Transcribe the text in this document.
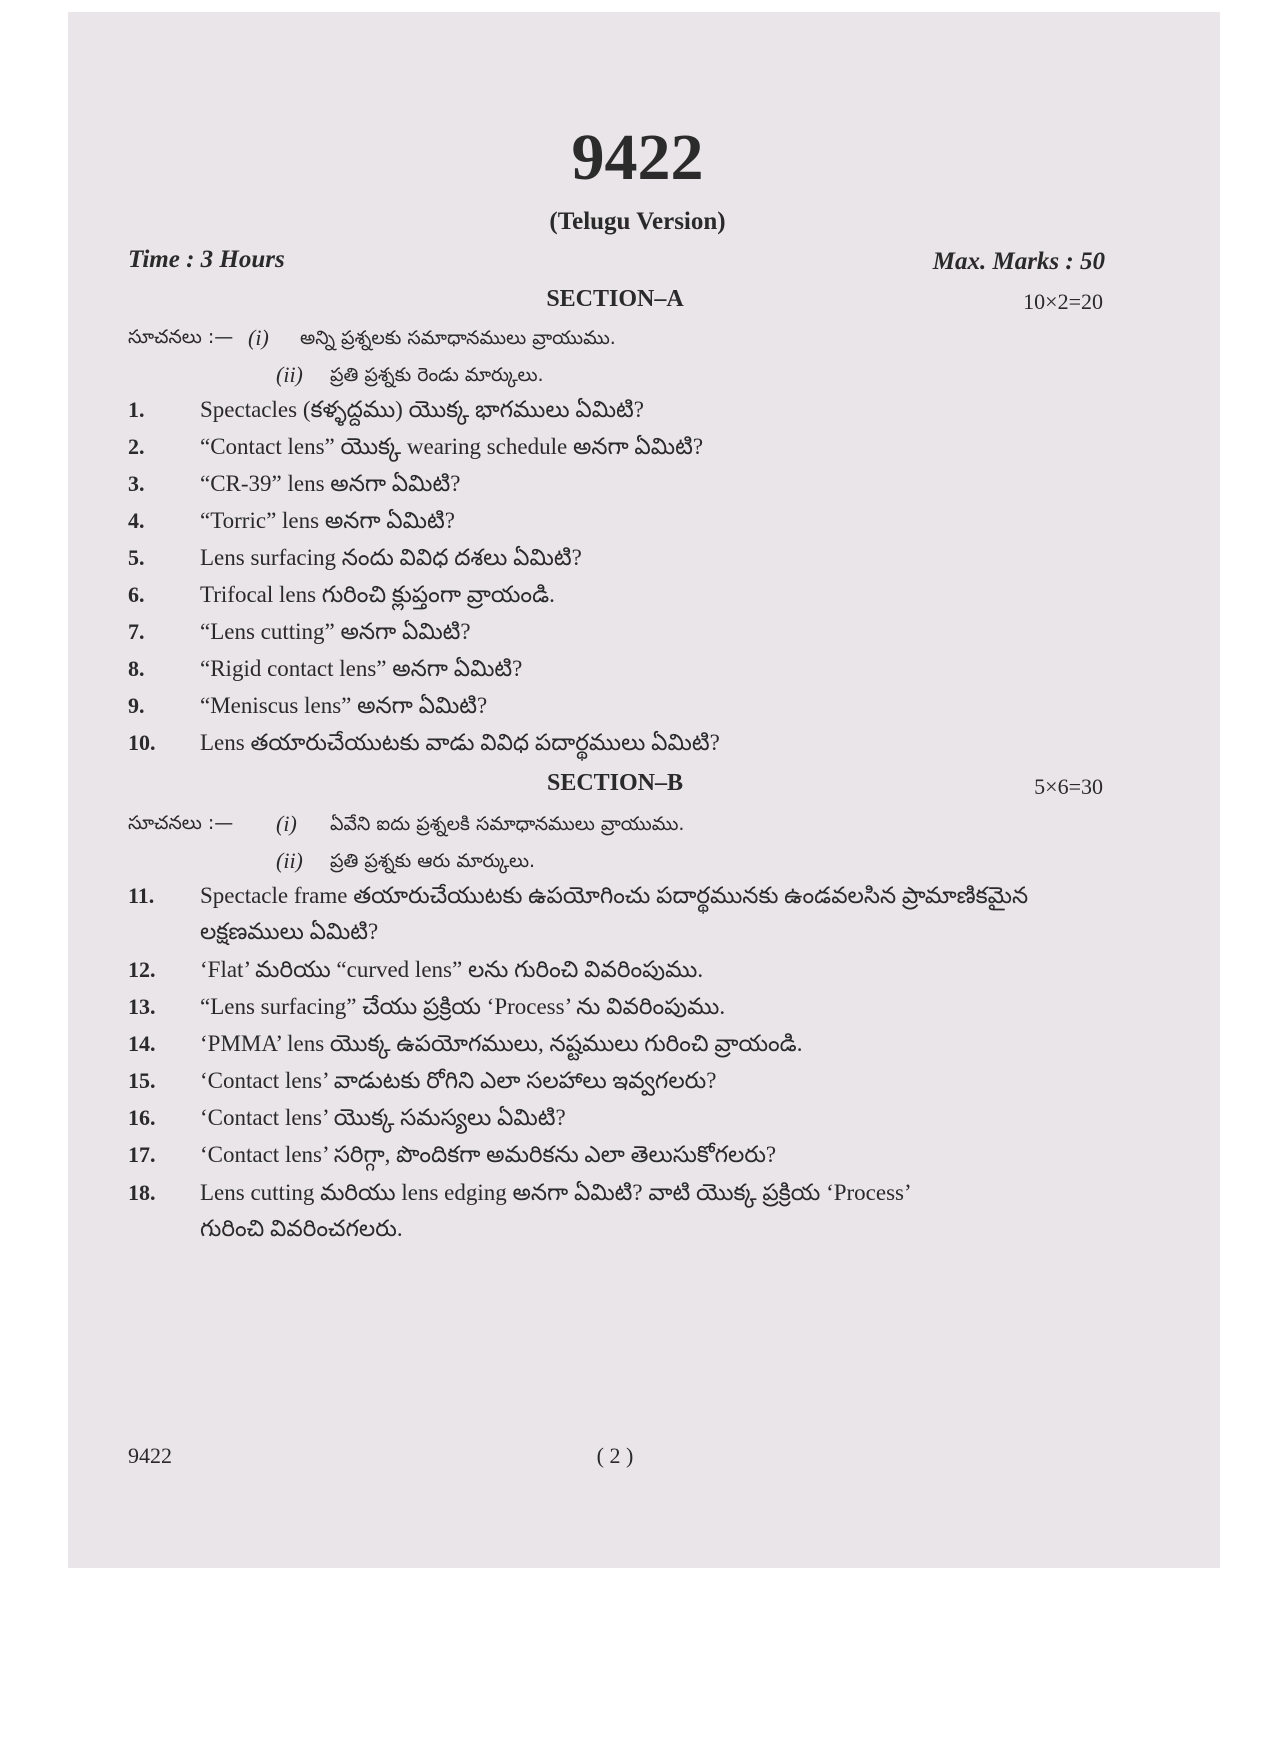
9422
(Telugu Version)
Time : 3 Hours	Max. Marks : 50
SECTION–A	10×2=20
సూచనలు :— (i) అన్ని ప్రశ్నలకు సమాధానములు వ్రాయుము.
(ii) ప్రతి ప్రశ్నకు రెండు మార్కులు.
1. Spectacles (కళ్ళద్దము) యొక్క భాగములు ఏమిటి?
2. “Contact lens” యొక్క wearing schedule అనగా ఏమిటి?
3. “CR-39” lens అనగా ఏమిటి?
4. “Torric” lens అనగా ఏమిటి?
5. Lens surfacing నందు వివిధ దశలు ఏమిటి?
6. Trifocal lens గురించి క్లుప్తంగా వ్రాయండి.
7. “Lens cutting” అనగా ఏమిటి?
8. “Rigid contact lens” అనగా ఏమిటి?
9. “Meniscus lens” అనగా ఏమిటి?
10. Lens తయారుచేయుటకు వాడు వివిధ పదార్థములు ఏమిటి?
SECTION–B	5×6=30
సూచనలు :— (i) ఏవేని ఐదు ప్రశ్నలకి సమాధానములు వ్రాయుము.
(ii) ప్రతి ప్రశ్నకు ఆరు మార్కులు.
11. Spectacle frame తయారుచేయుటకు ఉపయోగించు పదార్థమునకు ఉండవలసిన ప్రామాణికమైన
లక్షణములు ఏమిటి?
12. ‘Flat’ మరియు “curved lens” లను గురించి వివరింపుము.
13. “Lens surfacing” చేయు ప్రక్రియ ‘Process’ ను వివరింపుము.
14. ‘PMMA’ lens యొక్క ఉపయోగములు, నష్టములు గురించి వ్రాయండి.
15. ‘Contact lens’ వాడుటకు రోగిని ఎలా సలహాలు ఇవ్వగలరు?
16. ‘Contact lens’ యొక్క సమస్యలు ఏమిటి?
17. ‘Contact lens’ సరిగ్గా, పొందికగా అమరికను ఎలా తెలుసుకోగలరు?
18. Lens cutting మరియు lens edging అనగా ఏమిటి? వాటి యొక్క ప్రక్రియ ‘Process’
గురించి వివరించగలరు.
9422	( 2 )
